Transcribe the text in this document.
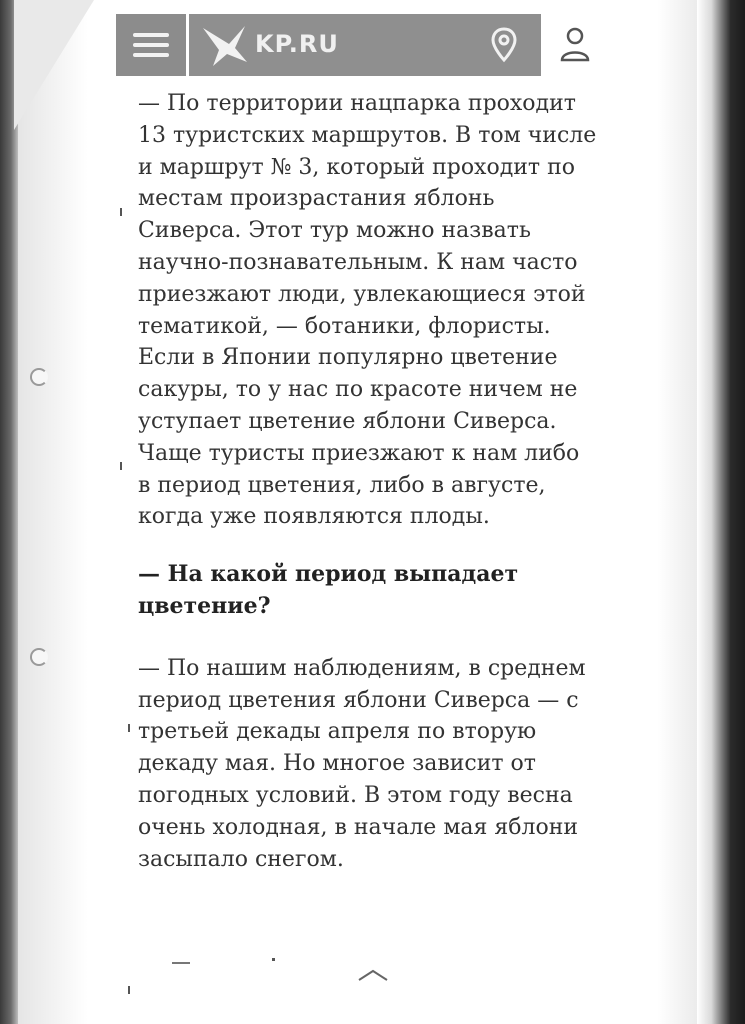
KP.RU

— По территории нацпарка проходит 13 туристских маршрутов. В том числе и маршрут № 3, который проходит по местам произрастания яблонь Сиверса. Этот тур можно назвать научно-познавательным. К нам часто приезжают люди, увлекающиеся этой тематикой, — ботаники, флористы. Если в Японии популярно цветение сакуры, то у нас по красоте ничем не уступает цветение яблони Сиверса. Чаще туристы приезжают к нам либо в период цветения, либо в августе, когда уже появляются плоды.

— На какой период выпадает цветение?

— По нашим наблюдениям, в среднем период цветения яблони Сиверса — с третьей декады апреля по вторую декаду мая. Но многое зависит от погодных условий. В этом году весна очень холодная, в начале мая яблони засыпало снегом.
